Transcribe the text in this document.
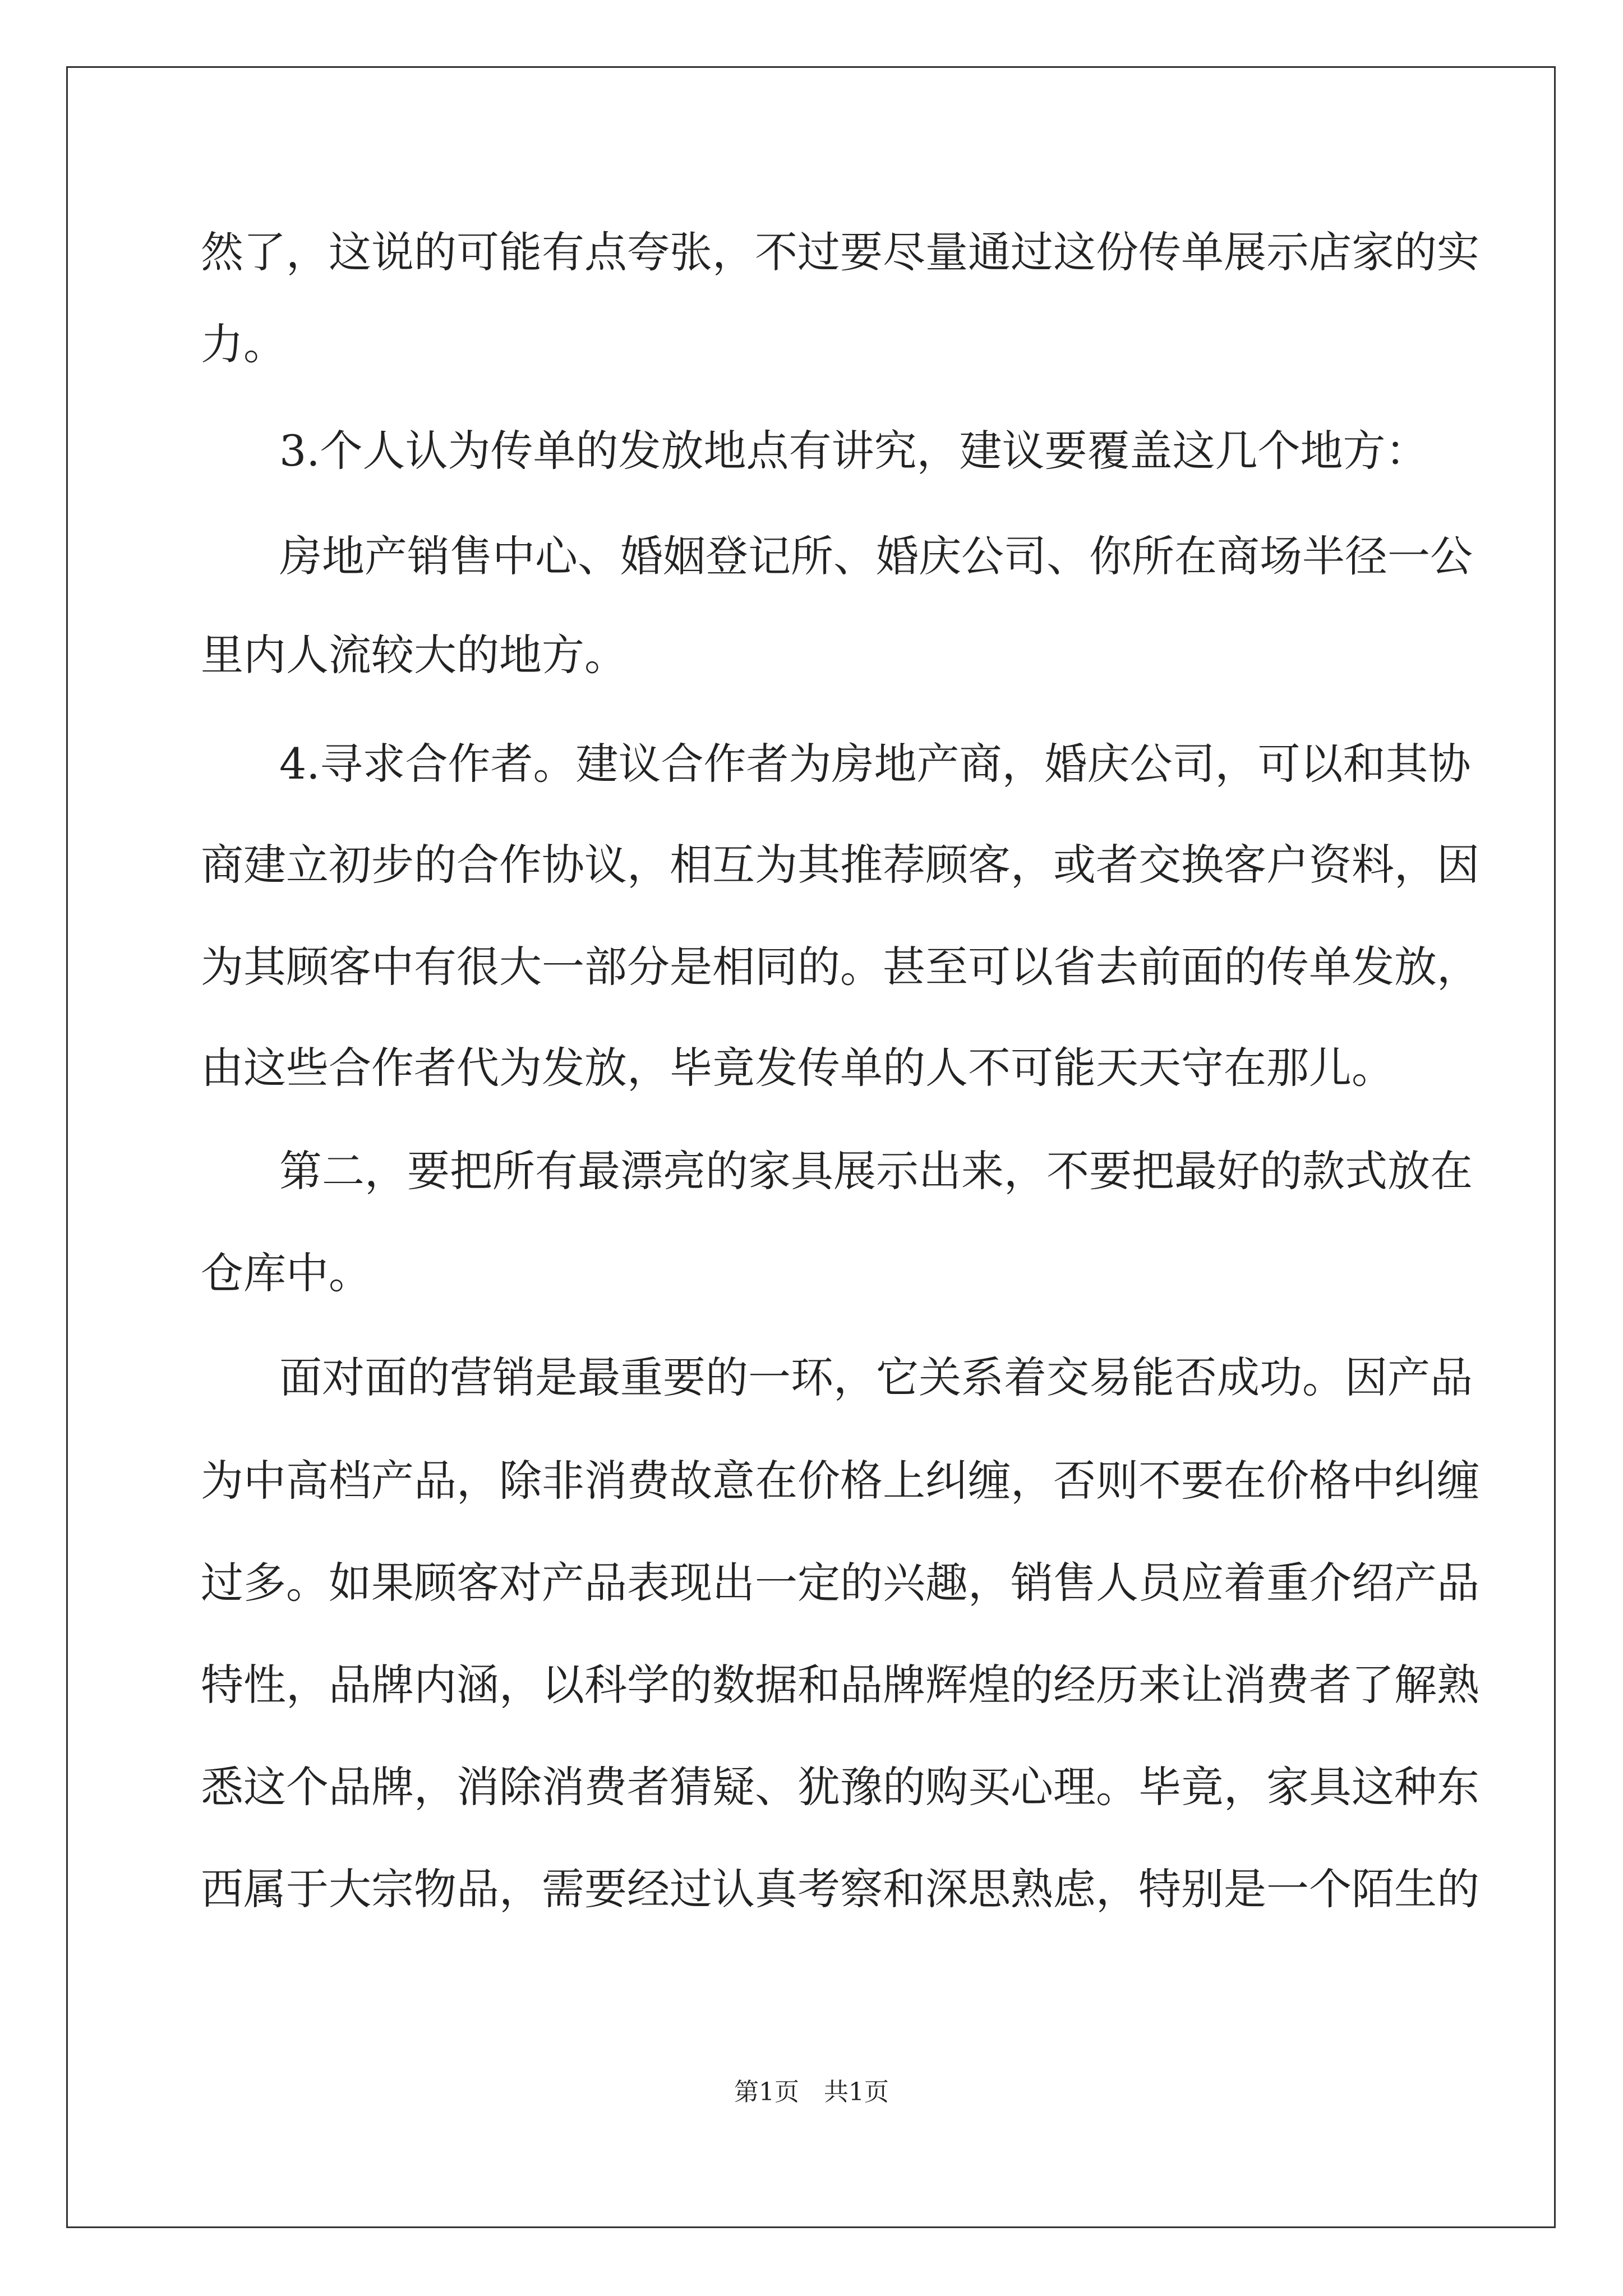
然了，这说的可能有点夸张，不过要尽量通过这份传单展示店家的实
力。
3.个人认为传单的发放地点有讲究，建议要覆盖这几个地方：
房地产销售中心、婚姻登记所、婚庆公司、你所在商场半径一公
里内人流较大的地方。
4.寻求合作者。建议合作者为房地产商，婚庆公司，可以和其协
商建立初步的合作协议，相互为其推荐顾客，或者交换客户资料，因
为其顾客中有很大一部分是相同的。甚至可以省去前面的传单发放，
由这些合作者代为发放，毕竟发传单的人不可能天天守在那儿。
第二，要把所有最漂亮的家具展示出来，不要把最好的款式放在
仓库中。
面对面的营销是最重要的一环，它关系着交易能否成功。因产品
为中高档产品，除非消费故意在价格上纠缠，否则不要在价格中纠缠
过多。如果顾客对产品表现出一定的兴趣，销售人员应着重介绍产品
特性，品牌内涵，以科学的数据和品牌辉煌的经历来让消费者了解熟
悉这个品牌，消除消费者猜疑、犹豫的购买心理。毕竟，家具这种东
西属于大宗物品，需要经过认真考察和深思熟虑，特别是一个陌生的
第1页　共1页
